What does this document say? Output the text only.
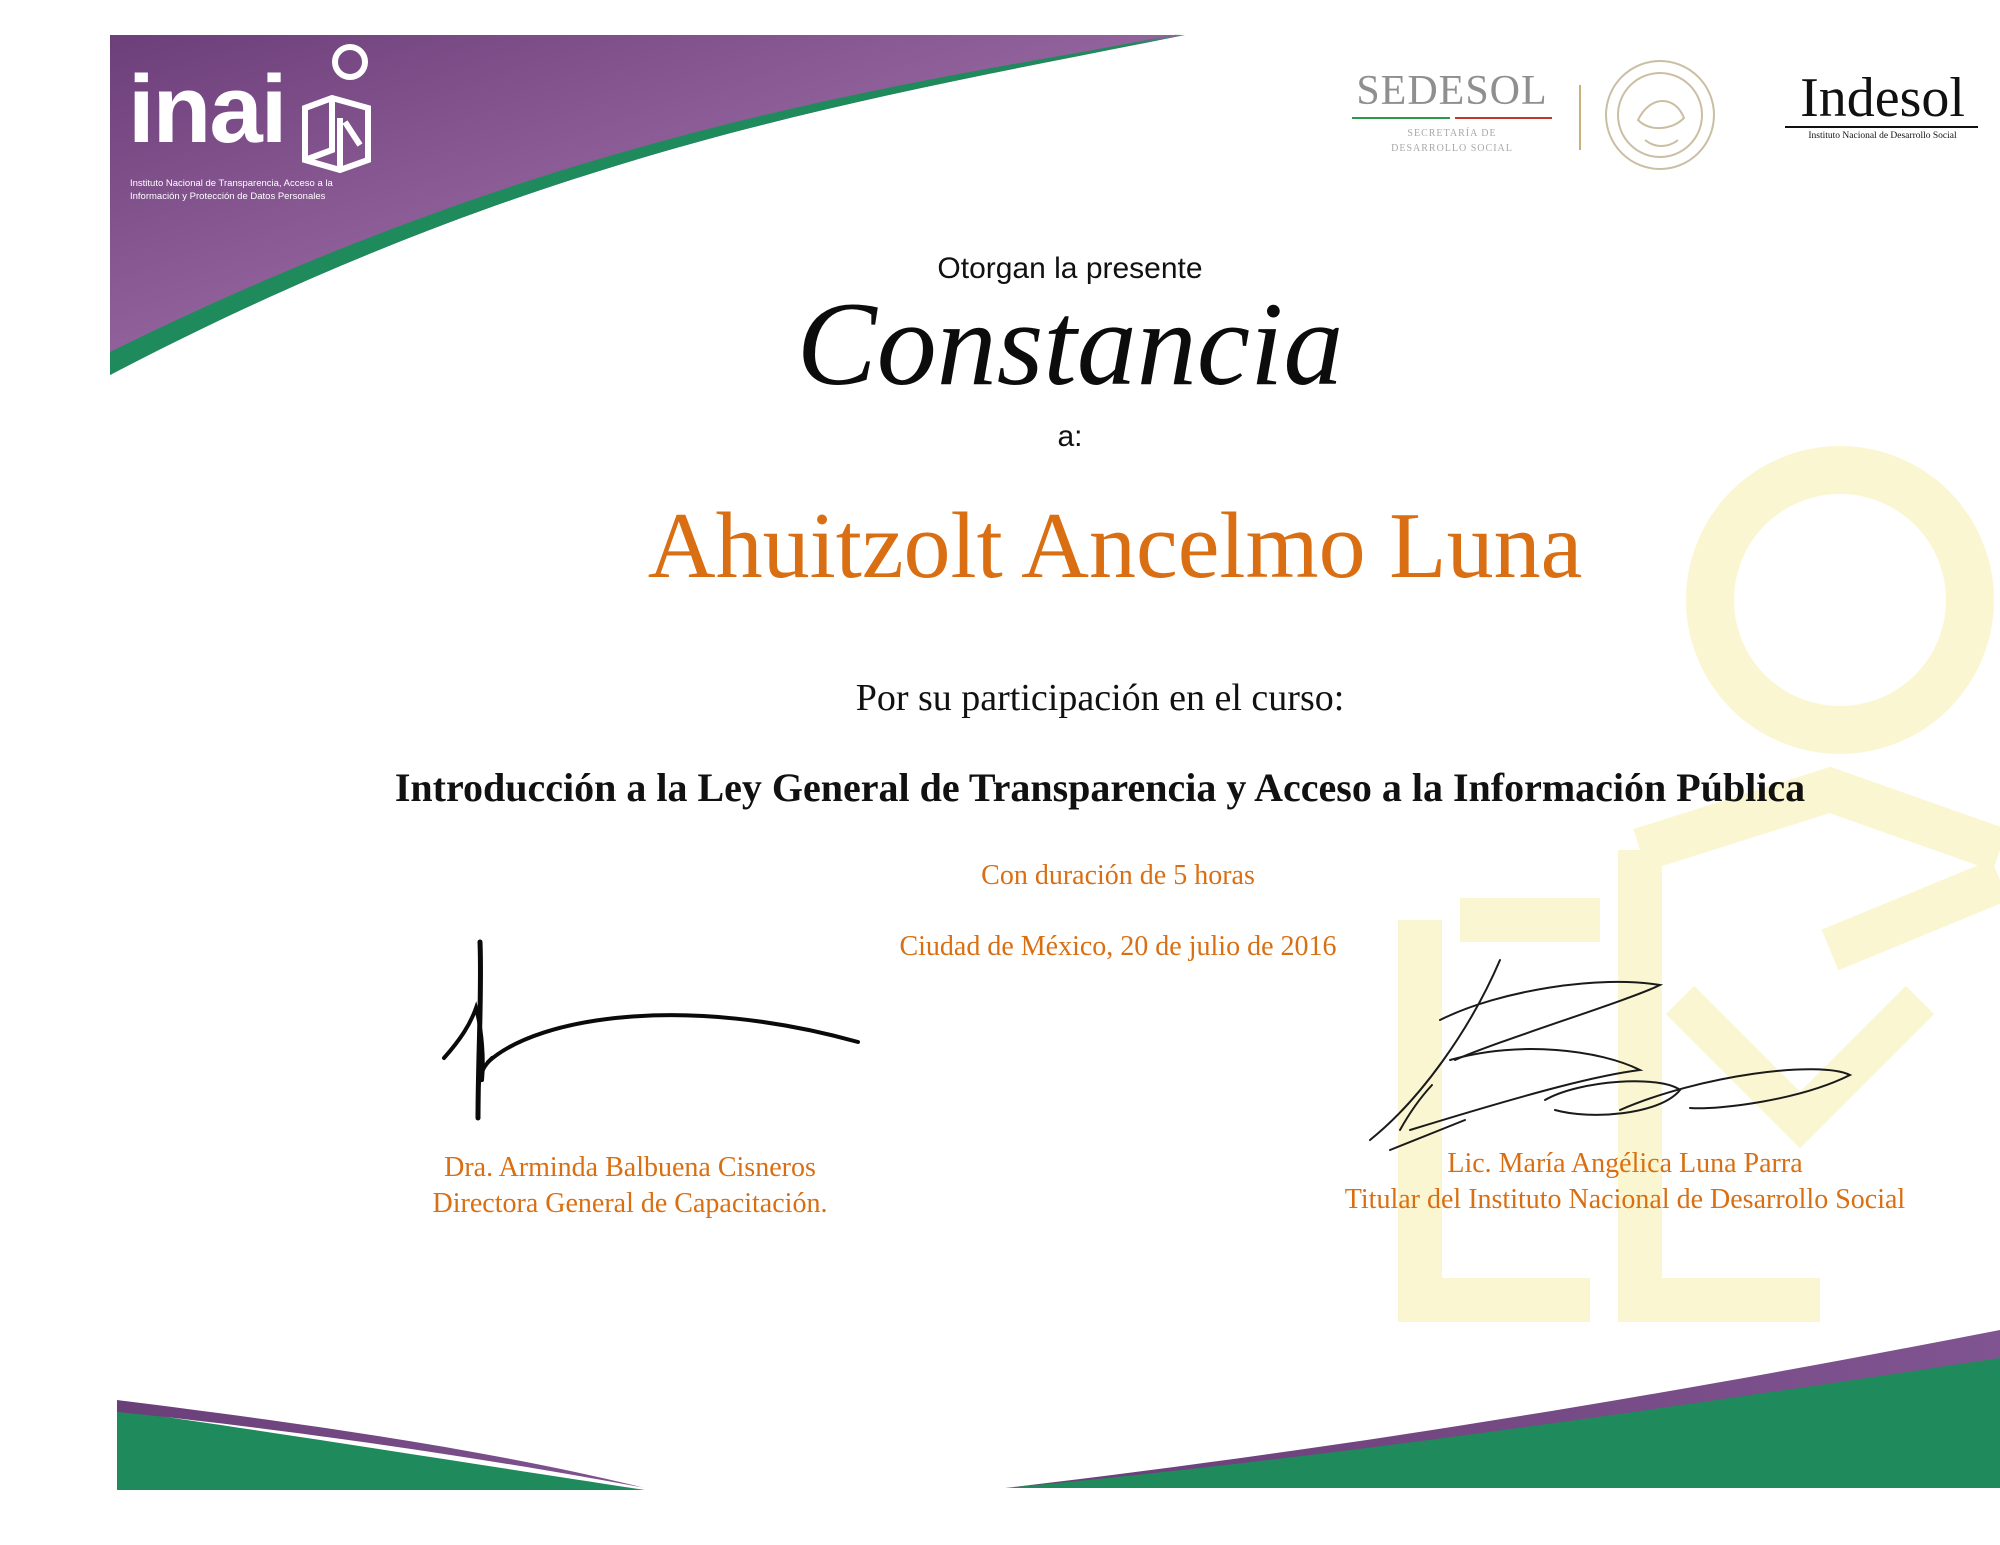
inai
Instituto Nacional de Transparencia, Acceso a la
Información y Protección de Datos Personales
SEDESOL
SECRETARÍA DE
DESARROLLO SOCIAL
Indesol
Instituto Nacional de Desarrollo Social
Otorgan la presente
Constancia
a:
Ahuitzolt Ancelmo Luna
Por su participación en el curso:
Introducción a la Ley General de Transparencia y Acceso a la Información Pública
Con duración de 5 horas
Ciudad de México, 20 de julio de 2016
Dra. Arminda Balbuena Cisneros
Directora General de Capacitación.
Lic. María Angélica Luna Parra
Titular del Instituto Nacional de Desarrollo Social
